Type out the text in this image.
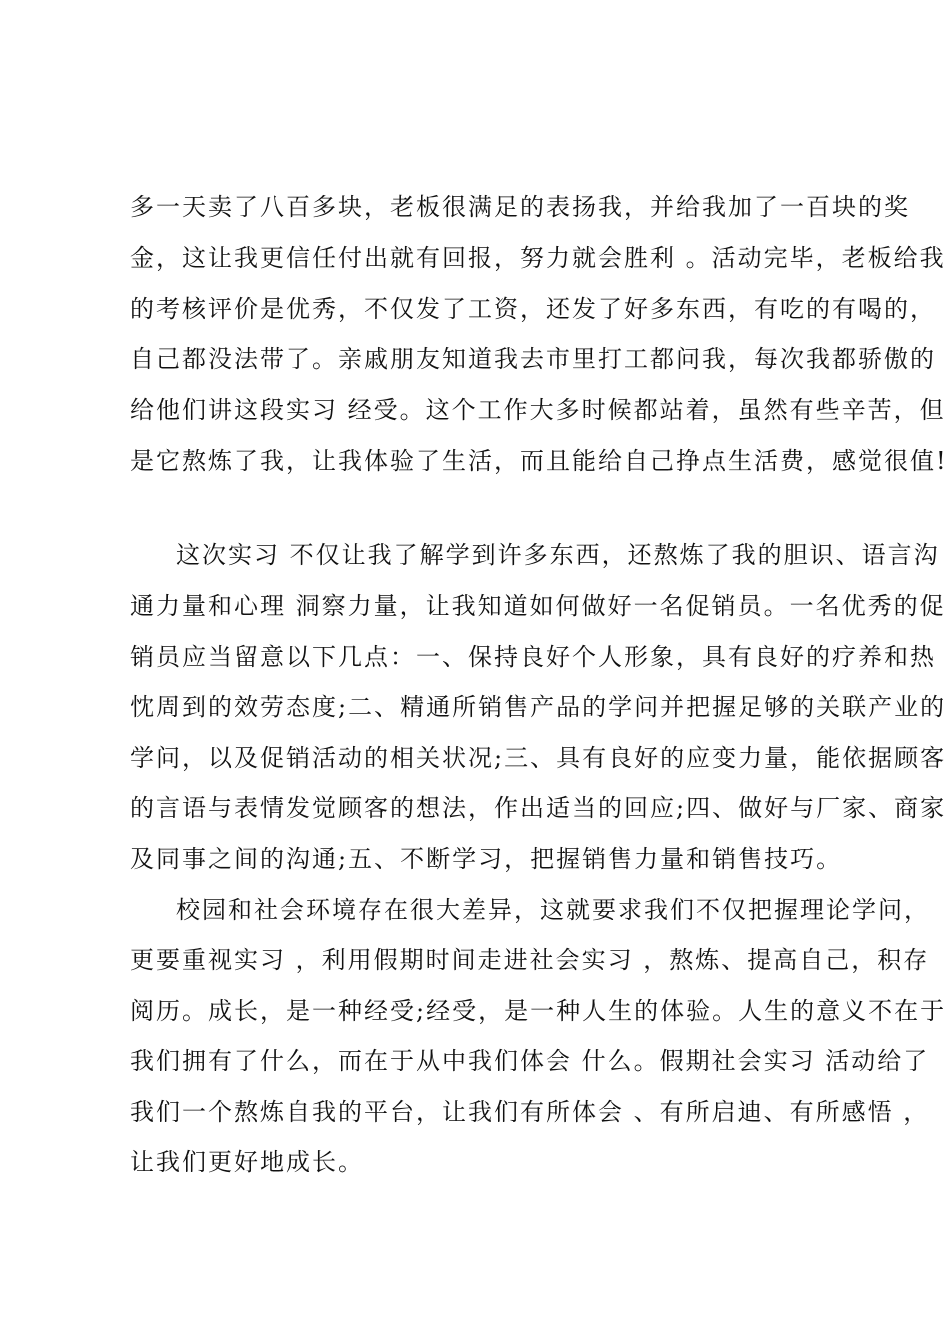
多一天卖了八百多块，老板很满足的表扬我，并给我加了一百块的奖
金，这让我更信任付出就有回报，努力就会胜利 。活动完毕，老板给我
的考核评价是优秀，不仅发了工资，还发了好多东西，有吃的有喝的，
自己都没法带了。亲戚朋友知道我去市里打工都问我，每次我都骄傲的
给他们讲这段实习 经受。这个工作大多时候都站着，虽然有些辛苦，但
是它熬炼了我，让我体验了生活，而且能给自己挣点生活费，感觉很值!
这次实习 不仅让我了解学到许多东西，还熬炼了我的胆识、语言沟
通力量和心理 洞察力量，让我知道如何做好一名促销员。一名优秀的促
销员应当留意以下几点：一、保持良好个人形象，具有良好的疗养和热
忱周到的效劳态度;二、精通所销售产品的学问并把握足够的关联产业的
学问，以及促销活动的相关状况;三、具有良好的应变力量，能依据顾客
的言语与表情发觉顾客的想法，作出适当的回应;四、做好与厂家、商家
及同事之间的沟通;五、不断学习，把握销售力量和销售技巧。
校园和社会环境存在很大差异，这就要求我们不仅把握理论学问，
更要重视实习 ，利用假期时间走进社会实习 ，熬炼、提高自己，积存
阅历。成长，是一种经受;经受，是一种人生的体验。人生的意义不在于
我们拥有了什么，而在于从中我们体会 什么。假期社会实习 活动给了
我们一个熬炼自我的平台，让我们有所体会 、有所启迪、有所感悟 ，
让我们更好地成长。
